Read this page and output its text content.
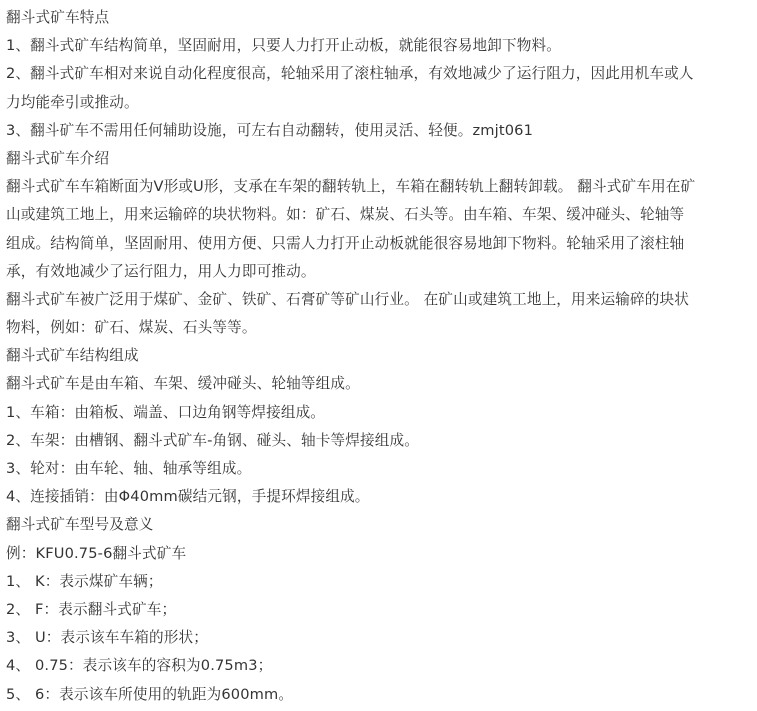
翻斗式矿车特点
1、翻斗式矿车结构简单，坚固耐用，只要人力打开止动板，就能很容易地卸下物料。
2、翻斗式矿车相对来说自动化程度很高，轮轴采用了滚柱轴承，有效地减少了运行阻力，因此用机车或人
力均能牵引或推动。
3、翻斗矿车不需用任何辅助设施，可左右自动翻转，使用灵活、轻便。zmjt061
翻斗式矿车介绍
翻斗式矿车车箱断面为V形或U形，支承在车架的翻转轨上，车箱在翻转轨上翻转卸载。 翻斗式矿车用在矿
山或建筑工地上，用来运输碎的块状物料。如：矿石、煤炭、石头等。由车箱、车架、缓冲碰头、轮轴等
组成。结构简单，坚固耐用、使用方便、只需人力打开止动板就能很容易地卸下物料。轮轴采用了滚柱轴
承，有效地减少了运行阻力，用人力即可推动。
翻斗式矿车被广泛用于煤矿、金矿、铁矿、石膏矿等矿山行业。 在矿山或建筑工地上，用来运输碎的块状
物料，例如：矿石、煤炭、石头等等。
翻斗式矿车结构组成
翻斗式矿车是由车箱、车架、缓冲碰头、轮轴等组成。
1、车箱：由箱板、端盖、口边角钢等焊接组成。
2、车架：由槽钢、翻斗式矿车-角钢、碰头、轴卡等焊接组成。
3、轮对：由车轮、轴、轴承等组成。
4、连接插销：由Φ40mm碳结元钢，手提环焊接组成。
翻斗式矿车型号及意义
例：KFU0.75-6翻斗式矿车
1、 K：表示煤矿车辆；
2、 F：表示翻斗式矿车；
3、 U：表示该车车箱的形状；
4、 0.75：表示该车的容积为0.75m3；
5、 6：表示该车所使用的轨距为600mm。
